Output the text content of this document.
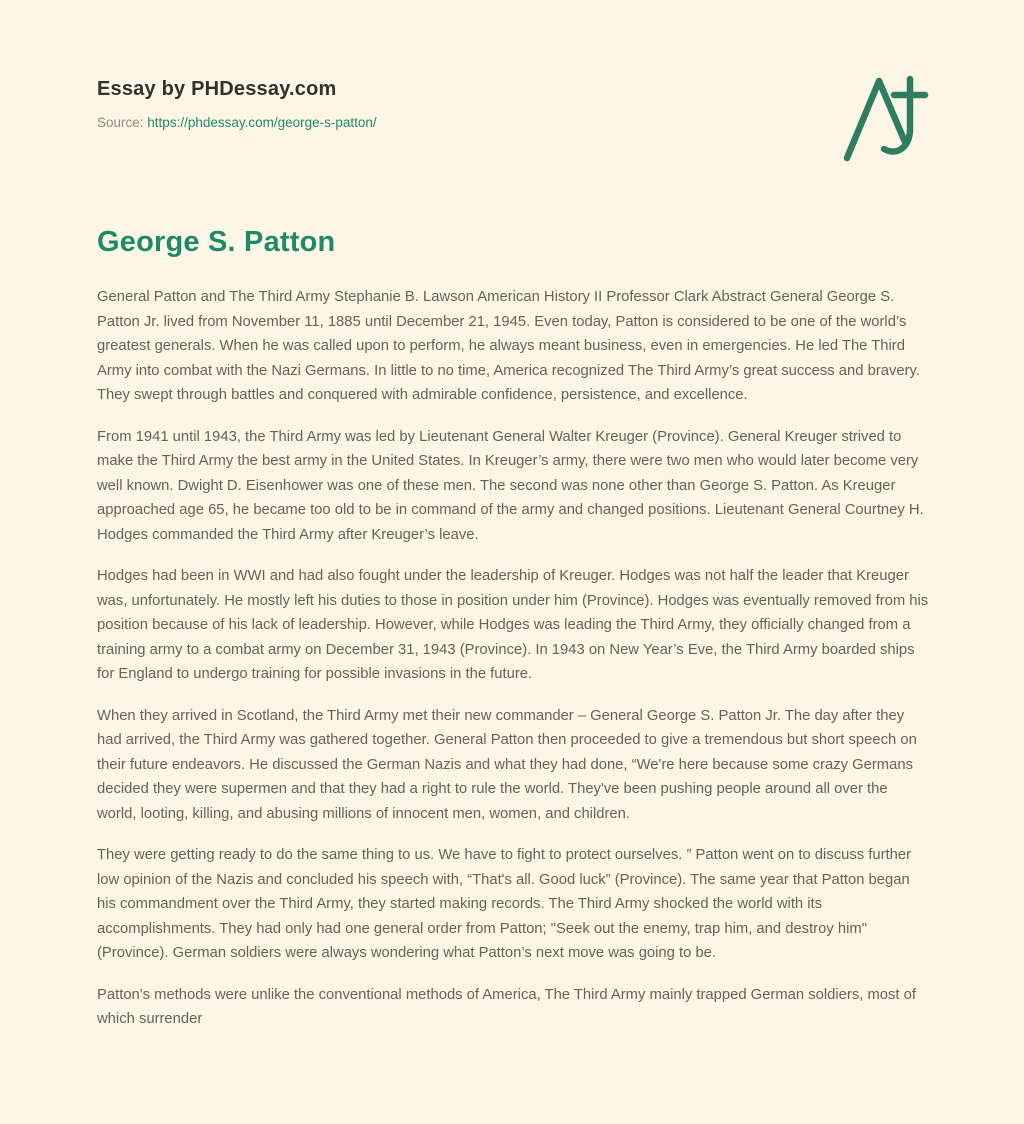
Essay by PHDessay.com

Source: https://phdessay.com/george-s-patton/

George S. Patton

General Patton and The Third Army Stephanie B. Lawson American History II Professor Clark Abstract General George S. Patton Jr. lived from November 11, 1885 until December 21, 1945. Even today, Patton is considered to be one of the world’s greatest generals. When he was called upon to perform, he always meant business, even in emergencies. He led The Third Army into combat with the Nazi Germans. In little to no time, America recognized The Third Army’s great success and bravery. They swept through battles and conquered with admirable confidence, persistence, and excellence.

From 1941 until 1943, the Third Army was led by Lieutenant General Walter Kreuger (Province). General Kreuger strived to make the Third Army the best army in the United States. In Kreuger’s army, there were two men who would later become very well known. Dwight D. Eisenhower was one of these men. The second was none other than George S. Patton. As Kreuger approached age 65, he became too old to be in command of the army and changed positions. Lieutenant General Courtney H. Hodges commanded the Third Army after Kreuger’s leave.

Hodges had been in WWI and had also fought under the leadership of Kreuger. Hodges was not half the leader that Kreuger was, unfortunately. He mostly left his duties to those in position under him (Province). Hodges was eventually removed from his position because of his lack of leadership. However, while Hodges was leading the Third Army, they officially changed from a training army to a combat army on December 31, 1943 (Province). In 1943 on New Year’s Eve, the Third Army boarded ships for England to undergo training for possible invasions in the future.

When they arrived in Scotland, the Third Army met their new commander – General George S. Patton Jr. The day after they had arrived, the Third Army was gathered together. General Patton then proceeded to give a tremendous but short speech on their future endeavors. He discussed the German Nazis and what they had done, “We're here because some crazy Germans decided they were supermen and that they had a right to rule the world. They've been pushing people around all over the world, looting, killing, and abusing millions of innocent men, women, and children.

They were getting ready to do the same thing to us. We have to fight to protect ourselves. ” Patton went on to discuss further low opinion of the Nazis and concluded his speech with, “That's all. Good luck” (Province). The same year that Patton began his commandment over the Third Army, they started making records. The Third Army shocked the world with its accomplishments. They had only had one general order from Patton; "Seek out the enemy, trap him, and destroy him"(Province). German soldiers were always wondering what Patton’s next move was going to be.

Patton's methods were unlike the conventional methods of America, The Third Army mainly trapped German soldiers, most of which surrender
